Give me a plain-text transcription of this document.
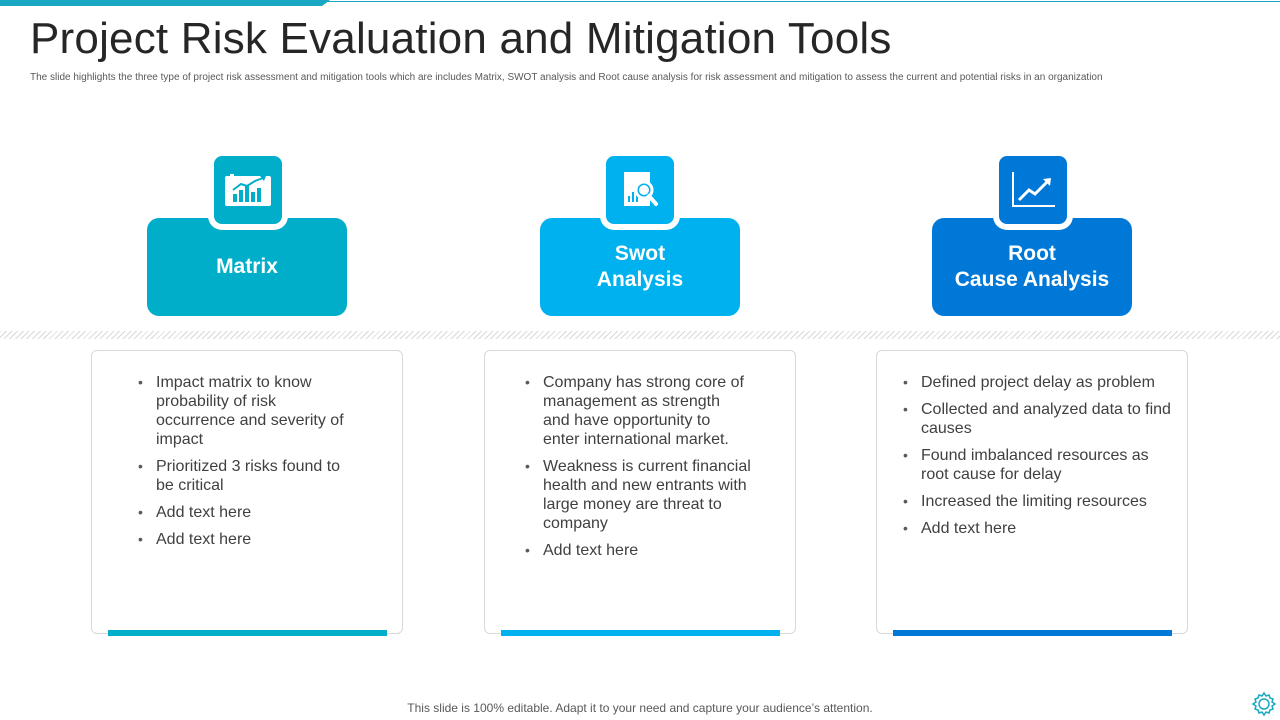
Project Risk Evaluation and Mitigation Tools
The slide highlights the three type of project risk assessment and mitigation tools which are includes Matrix, SWOT analysis and Root cause analysis for risk assessment and mitigation to assess the current and potential risks in an organization
Matrix
• Impact matrix to know probability of risk occurrence and severity of impact
• Prioritized 3 risks found to be critical
• Add text here
• Add text here
Swot
Analysis
• Company has strong core of management as strength and have opportunity to enter international market.
• Weakness is current financial health and new entrants with large money are threat to company
• Add text here
Root
Cause Analysis
• Defined project delay as problem
• Collected and analyzed data to find causes
• Found imbalanced resources as root cause for delay
• Increased the limiting resources
• Add text here
This slide is 100% editable. Adapt it to your need and capture your audience’s attention.
